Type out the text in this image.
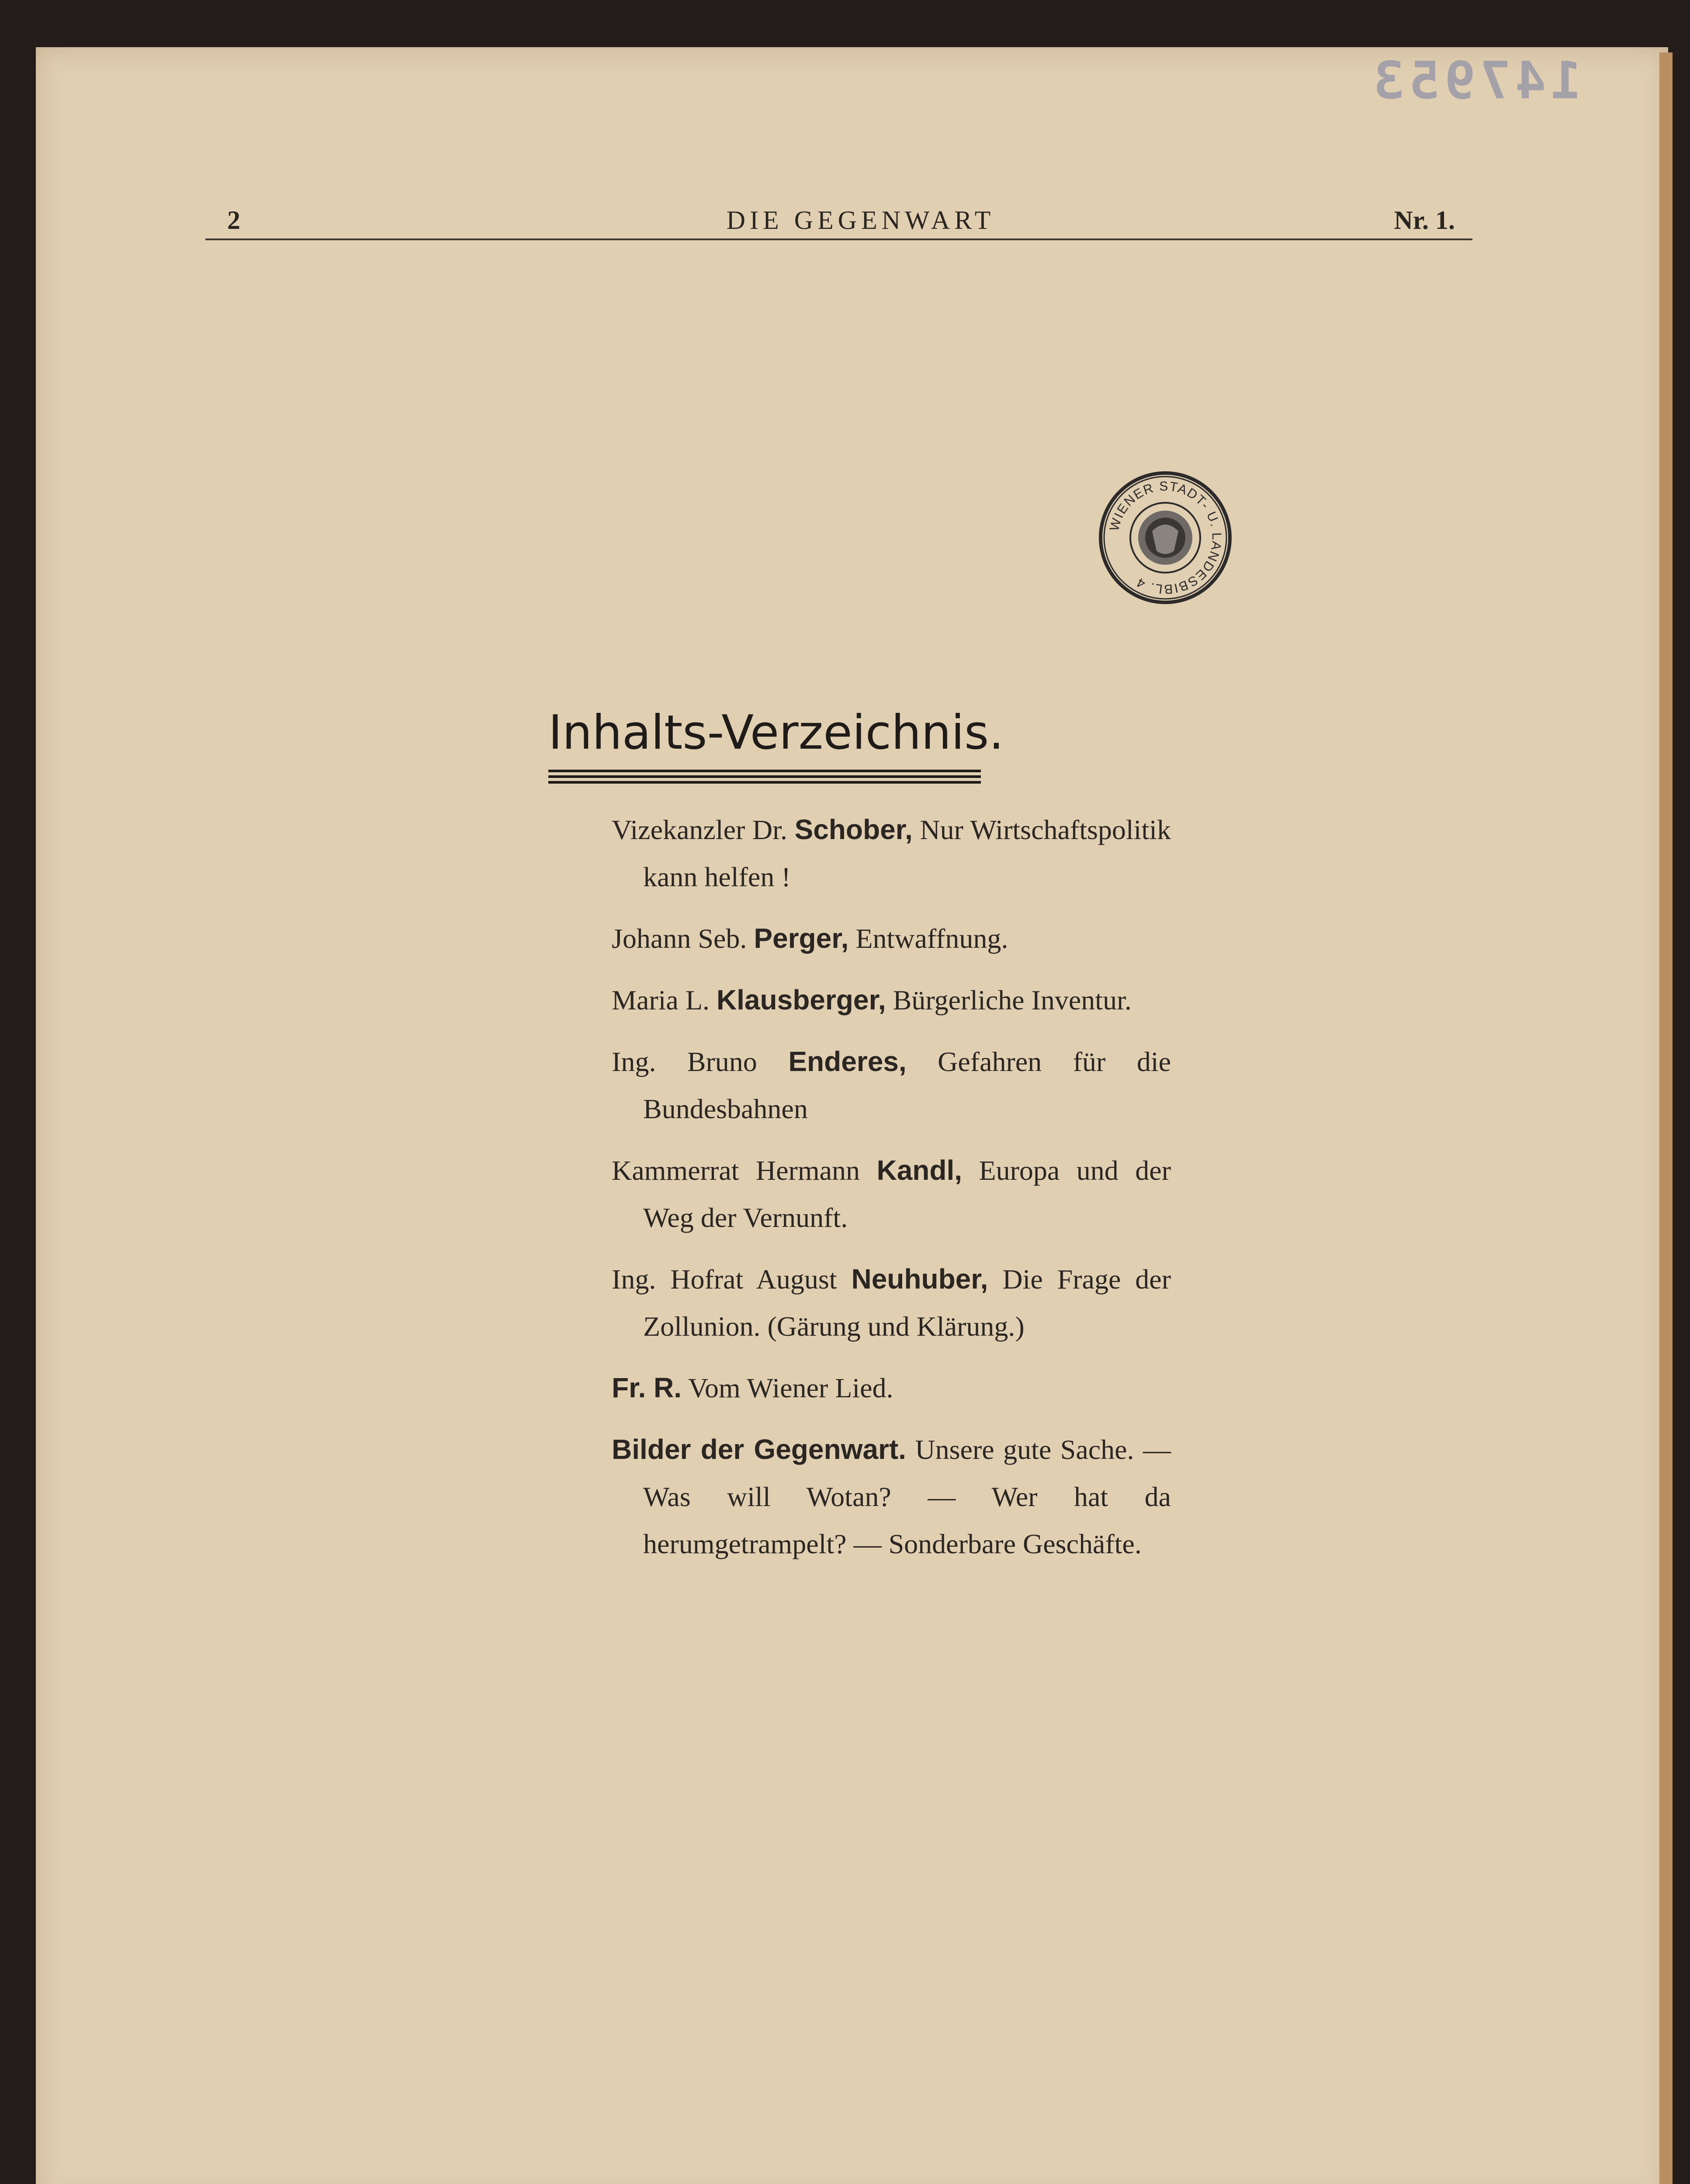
147953
2	DIE GEGENWART	Nr. 1.
WIENER STADT- U. LANDESBIBL. 4
Inhalts-Verzeichnis.
Vizekanzler Dr. Schober, Nur Wirtschaftspolitik kann helfen !
Johann Seb. Perger, Entwaffnung.
Maria L. Klausberger, Bürgerliche Inventur.
Ing. Bruno Enderes, Gefahren für die Bundesbahnen
Kammerrat Hermann Kandl, Europa und der Weg der Vernunft.
Ing. Hofrat August Neuhuber, Die Frage der Zollunion. (Gärung und Klärung.)
Fr. R. Vom Wiener Lied.
Bilder der Gegenwart. Unsere gute Sache. — Was will Wotan? — Wer hat da herumgetrampelt? — Sonderbare Geschäfte.
